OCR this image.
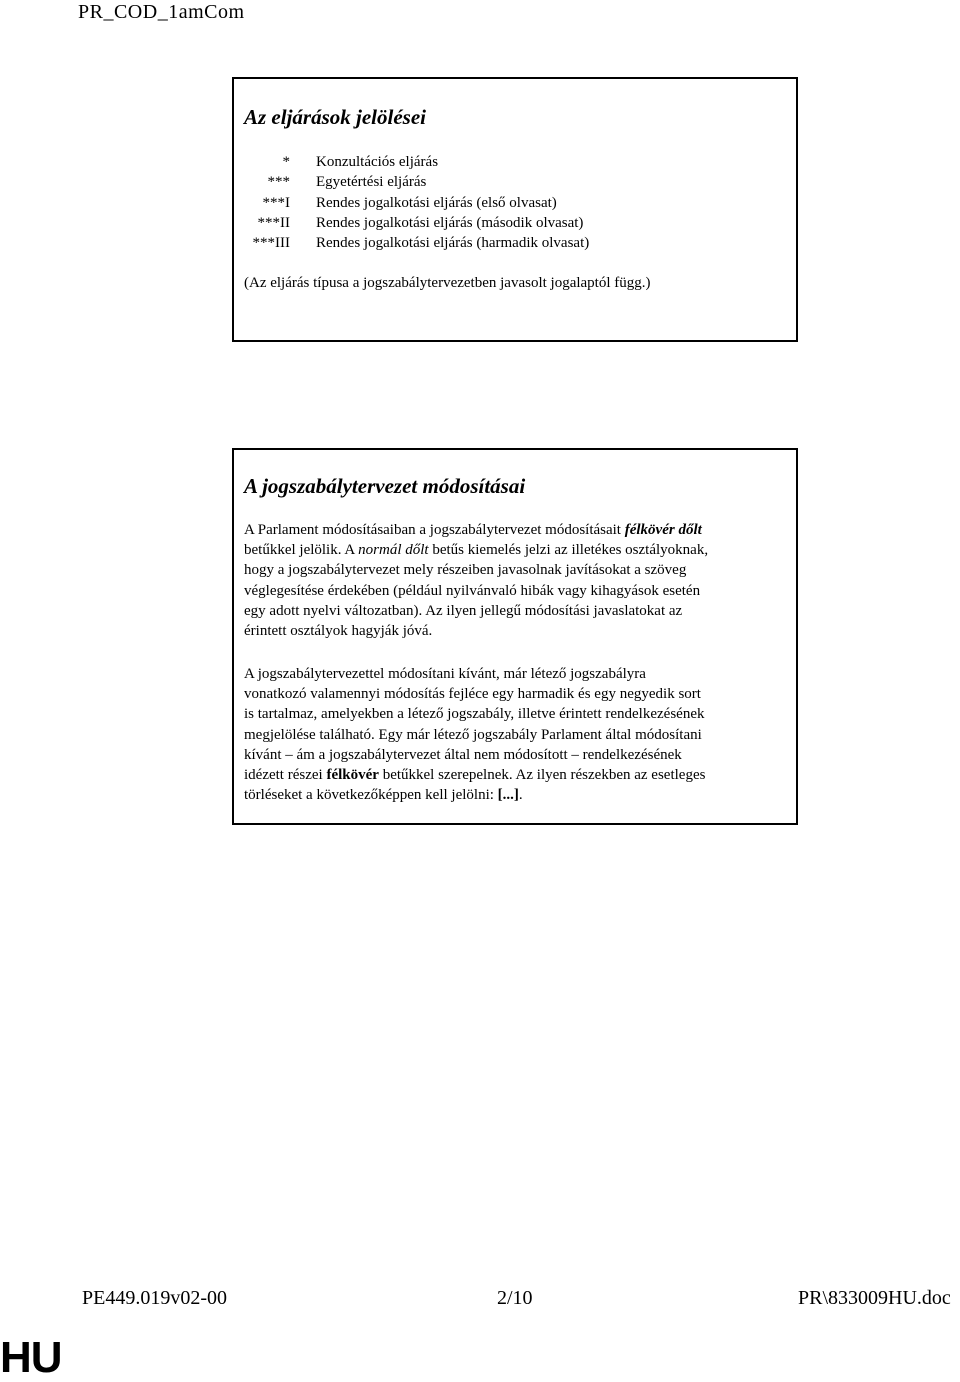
PR_COD_1amCom
Az eljárások jelölései
* Konzultációs eljárás
*** Egyetértési eljárás
***I Rendes jogalkotási eljárás (első olvasat)
***II Rendes jogalkotási eljárás (második olvasat)
***III Rendes jogalkotási eljárás (harmadik olvasat)
(Az eljárás típusa a jogszabálytervezetben javasolt jogalaptól függ.)
A jogszabálytervezet módosításai
A Parlament módosításaiban a jogszabálytervezet módosításait félkövér dőlt
betűkkel jelölik. A normál dőlt betűs kiemelés jelzi az illetékes osztályoknak,
hogy a jogszabálytervezet mely részeiben javasolnak javításokat a szöveg
véglegesítése érdekében (például nyilvánvaló hibák vagy kihagyások esetén
egy adott nyelvi változatban). Az ilyen jellegű módosítási javaslatokat az
érintett osztályok hagyják jóvá.
A jogszabálytervezettel módosítani kívánt, már létező jogszabályra
vonatkozó valamennyi módosítás fejléce egy harmadik és egy negyedik sort
is tartalmaz, amelyekben a létező jogszabály, illetve érintett rendelkezésének
megjelölése található. Egy már létező jogszabály Parlament által módosítani
kívánt – ám a jogszabálytervezet által nem módosított – rendelkezésének
idézett részei félkövér betűkkel szerepelnek. Az ilyen részekben az esetleges
törléseket a következőképpen kell jelölni: [...].
PE449.019v02-00	2/10	PR\833009HU.doc
HU
